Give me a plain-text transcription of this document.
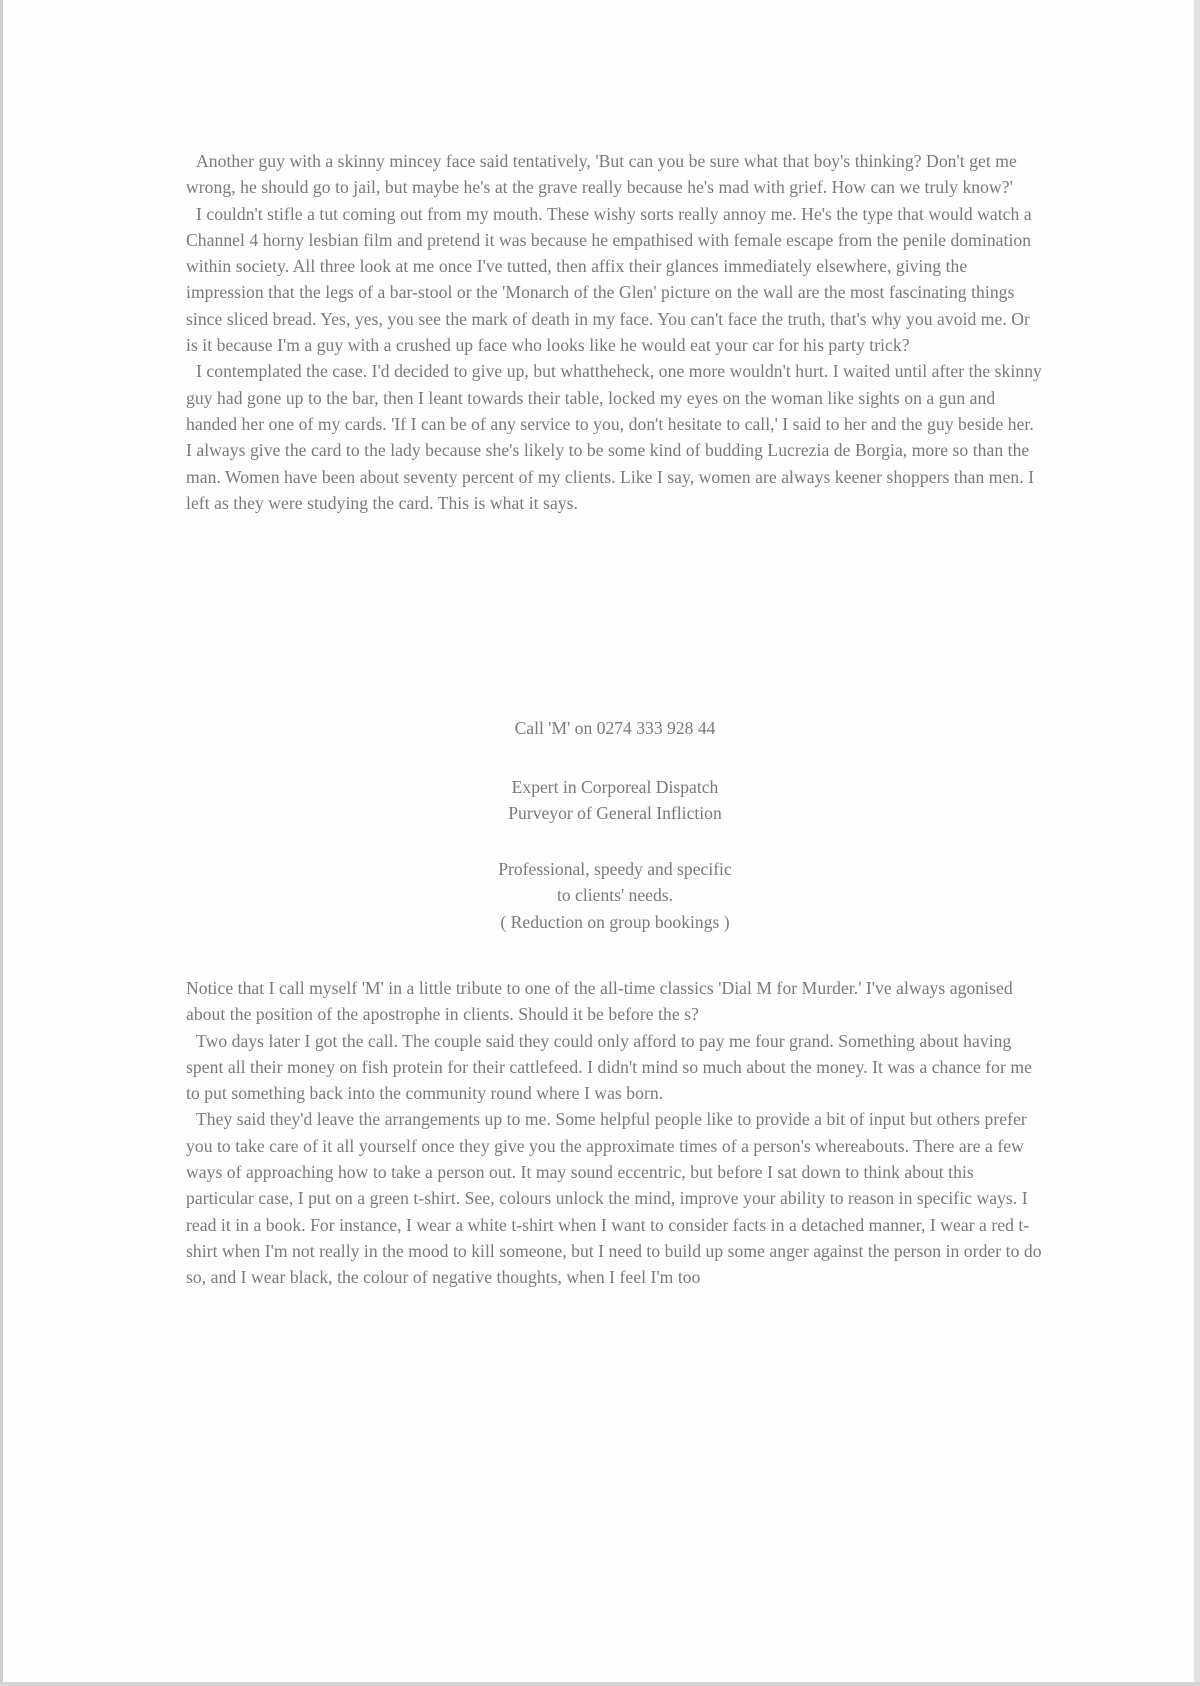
Another guy with a skinny mincey face said tentatively, 'But can you be sure what that boy's thinking? Don't get me wrong, he should go to jail, but maybe he's at the grave really because he's mad with grief. How can we truly know?'

I couldn't stifle a tut coming out from my mouth. These wishy sorts really annoy me. He's the type that would watch a Channel 4 horny lesbian film and pretend it was because he empathised with female escape from the penile domination within society. All three look at me once I've tutted, then affix their glances immediately elsewhere, giving the impression that the legs of a bar-stool or the 'Monarch of the Glen' picture on the wall are the most fascinating things since sliced bread. Yes, yes, you see the mark of death in my face. You can't face the truth, that's why you avoid me. Or is it because I'm a guy with a crushed up face who looks like he would eat your car for his party trick?

I contemplated the case. I'd decided to give up, but whattheheck, one more wouldn't hurt. I waited until after the skinny guy had gone up to the bar, then I leant towards their table, locked my eyes on the woman like sights on a gun and handed her one of my cards. 'If I can be of any service to you, don't hesitate to call,' I said to her and the guy beside her. I always give the card to the lady because she's likely to be some kind of budding Lucrezia de Borgia, more so than the man. Women have been about seventy percent of my clients. Like I say, women are always keener shoppers than men. I left as they were studying the card. This is what it says.

Call 'M' on 0274 333 928 44
Expert in Corporeal Dispatch
Purveyor of General Infliction
Professional, speedy and specific
to clients' needs.
( Reduction on group bookings )

Notice that I call myself 'M' in a little tribute to one of the all-time classics 'Dial M for Murder.' I've always agonised about the position of the apostrophe in clients. Should it be before the s?

Two days later I got the call. The couple said they could only afford to pay me four grand. Something about having spent all their money on fish protein for their cattlefeed. I didn't mind so much about the money. It was a chance for me to put something back into the community round where I was born.

They said they'd leave the arrangements up to me. Some helpful people like to provide a bit of input but others prefer you to take care of it all yourself once they give you the approximate times of a person's whereabouts. There are a few ways of approaching how to take a person out. It may sound eccentric, but before I sat down to think about this particular case, I put on a green t-shirt. See, colours unlock the mind, improve your ability to reason in specific ways. I read it in a book. For instance, I wear a white t-shirt when I want to consider facts in a detached manner, I wear a red t-shirt when I'm not really in the mood to kill someone, but I need to build up some anger against the person in order to do so, and I wear black, the colour of negative thoughts, when I feel I'm too
